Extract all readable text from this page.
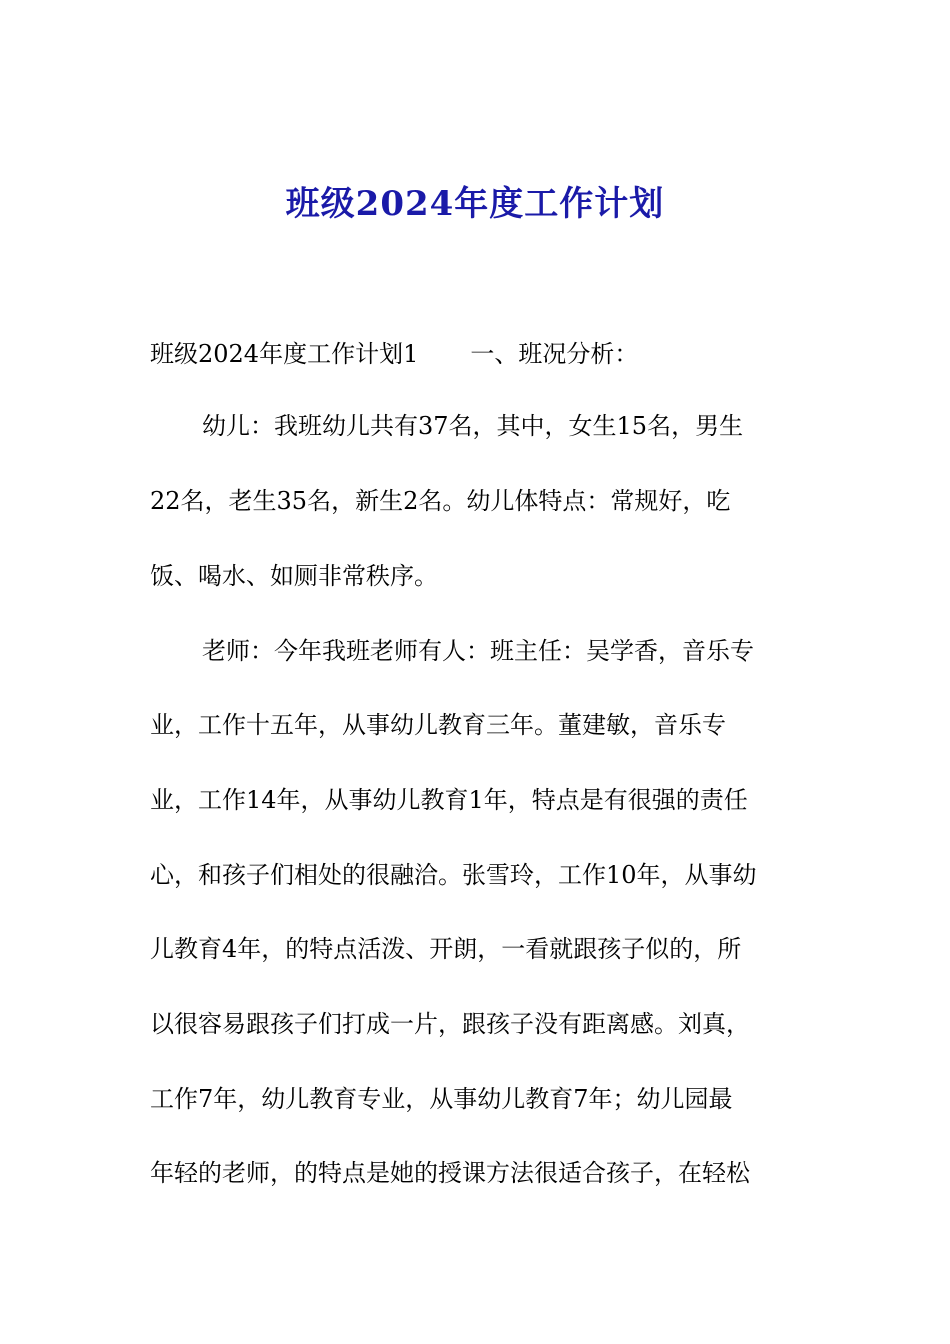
班级2024年度工作计划
班级2024年度工作计划1 一、班况分析：
幼儿：我班幼儿共有37名，其中，女生15名，男生
22名，老生35名，新生2名。幼儿体特点：常规好，吃
饭、喝水、如厕非常秩序。
老师：今年我班老师有人：班主任：吴学香，音乐专
业，工作十五年，从事幼儿教育三年。董建敏，音乐专
业，工作14年，从事幼儿教育1年，特点是有很强的责任
心，和孩子们相处的很融洽。张雪玲，工作10年，从事幼
儿教育4年，的特点活泼、开朗，一看就跟孩子似的，所
以很容易跟孩子们打成一片，跟孩子没有距离感。刘真，
工作7年，幼儿教育专业，从事幼儿教育7年；幼儿园最
年轻的老师，的特点是她的授课方法很适合孩子，在轻松
